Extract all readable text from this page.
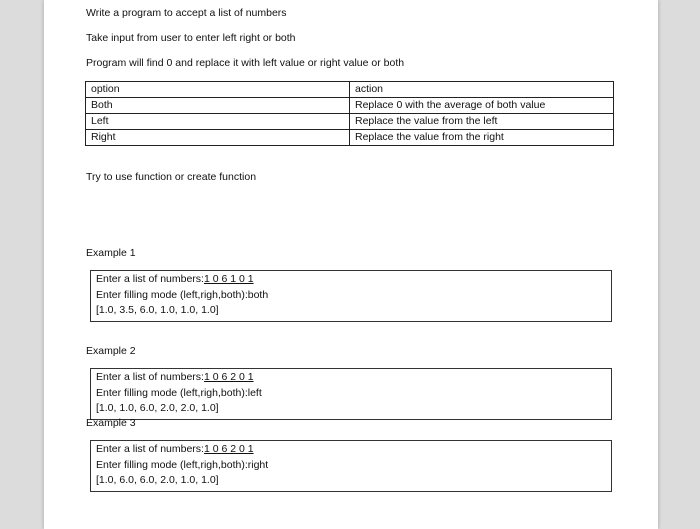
Write a program to accept a list of numbers
Take input from user to enter left right or both
Program will find 0 and replace it with left value or right value or both
option	action
Both	Replace 0 with the average of both value
Left	Replace the value from the left
Right	Replace the value from the right
Try to use function or create function
Example 1
Enter a list of numbers:1 0 6 1 0 1
Enter filling mode (left,righ,both):both
[1.0, 3.5, 6.0, 1.0, 1.0, 1.0]
Example 2
Enter a list of numbers:1 0 6 2 0 1
Enter filling mode (left,righ,both):left
[1.0, 1.0, 6.0, 2.0, 2.0, 1.0]
Example 3
Enter a list of numbers:1 0 6 2 0 1
Enter filling mode (left,righ,both):right
[1.0, 6.0, 6.0, 2.0, 1.0, 1.0]
